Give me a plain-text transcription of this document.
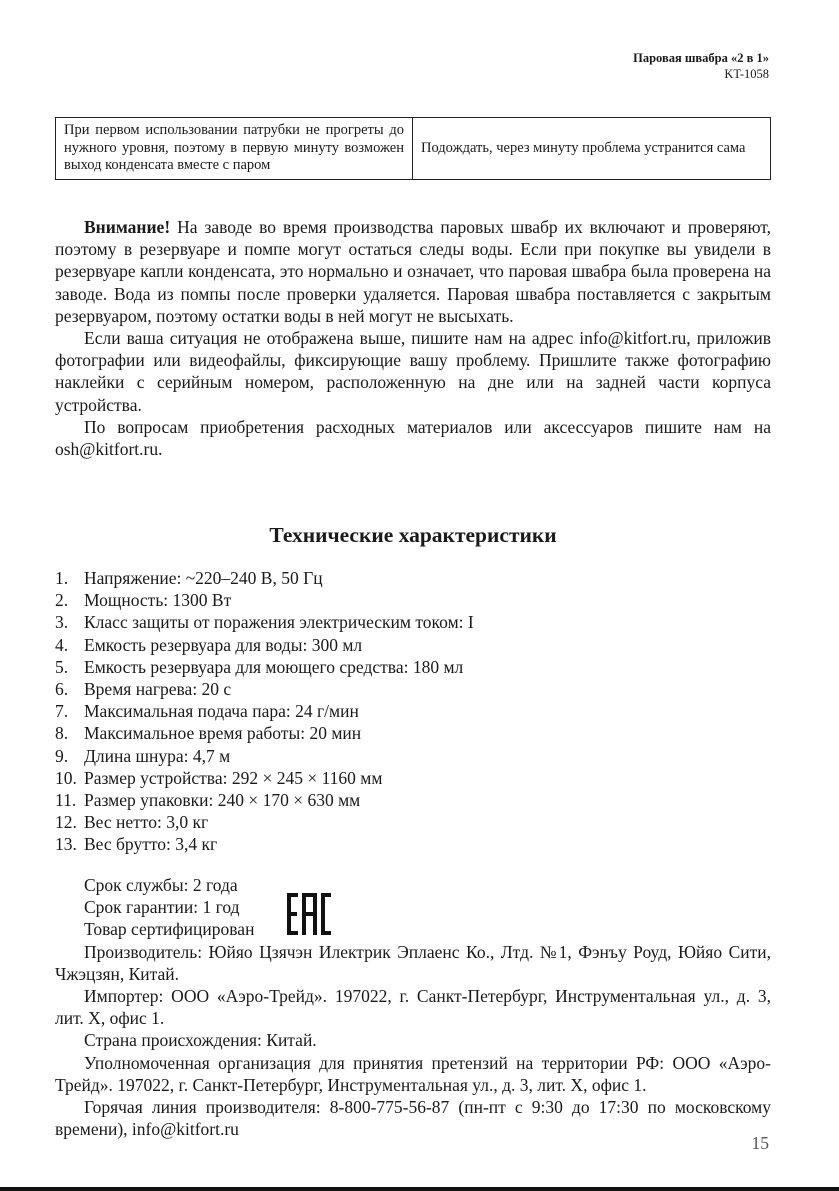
Паровая швабра «2 в 1»
KT-1058
При первом использовании патрубки не прогреты до нужного уровня, поэтому в первую минуту возможен выход конденсата вместе с паром	Подождать, через минуту проблема устранится сама

Внимание! На заводе во время производства паровых швабр их включают и проверяют, поэтому в резервуаре и помпе могут остаться следы воды. Если при покупке вы увидели в резервуаре капли конденсата, это нормально и означает, что паровая швабра была проверена на заводе. Вода из помпы после проверки удаляется. Паровая швабра поставляется с закрытым резервуаром, поэтому остатки воды в ней могут не высыхать.

Если ваша ситуация не отображена выше, пишите нам на адрес info@kitfort.ru, приложив фотографии или видеофайлы, фиксирующие вашу проблему. Пришлите также фотографию наклейки с серийным номером, расположенную на дне или на задней части корпуса устройства.

По вопросам приобретения расходных материалов или аксессуаров пишите нам на osh@kitfort.ru.

Технические характеристики
1. Напряжение: ~220–240 В, 50 Гц
2. Мощность: 1300 Вт
3. Класс защиты от поражения электрическим током: I
4. Емкость резервуара для воды: 300 мл
5. Емкость резервуара для моющего средства: 180 мл
6. Время нагрева: 20 с
7. Максимальная подача пара: 24 г/мин
8. Максимальное время работы: 20 мин
9. Длина шнура: 4,7 м
10. Размер устройства: 292 × 245 × 1160 мм
11. Размер упаковки: 240 × 170 × 630 мм
12. Вес нетто: 3,0 кг
13. Вес брутто: 3,4 кг

Срок службы: 2 года

Срок гарантии: 1 год

Товар сертифицирован

Производитель: Юйяо Цзячэн Илектрик Эплаенс Ко., Лтд. №1, Фэнъу Роуд, Юйяо Сити, Чжэцзян, Китай.

Импортер: ООО «Аэро-Трейд». 197022, г. Санкт-Петербург, Инструментальная ул., д. 3, лит. Х, офис 1.

Страна происхождения: Китай.

Уполномоченная организация для принятия претензий на территории РФ: ООО «Аэро-Трейд». 197022, г. Санкт-Петербург, Инструментальная ул., д. 3, лит. Х, офис 1.

Горячая линия производителя: 8-800-775-56-87 (пн-пт с 9:30 до 17:30 по московскому времени), info@kitfort.ru

15
